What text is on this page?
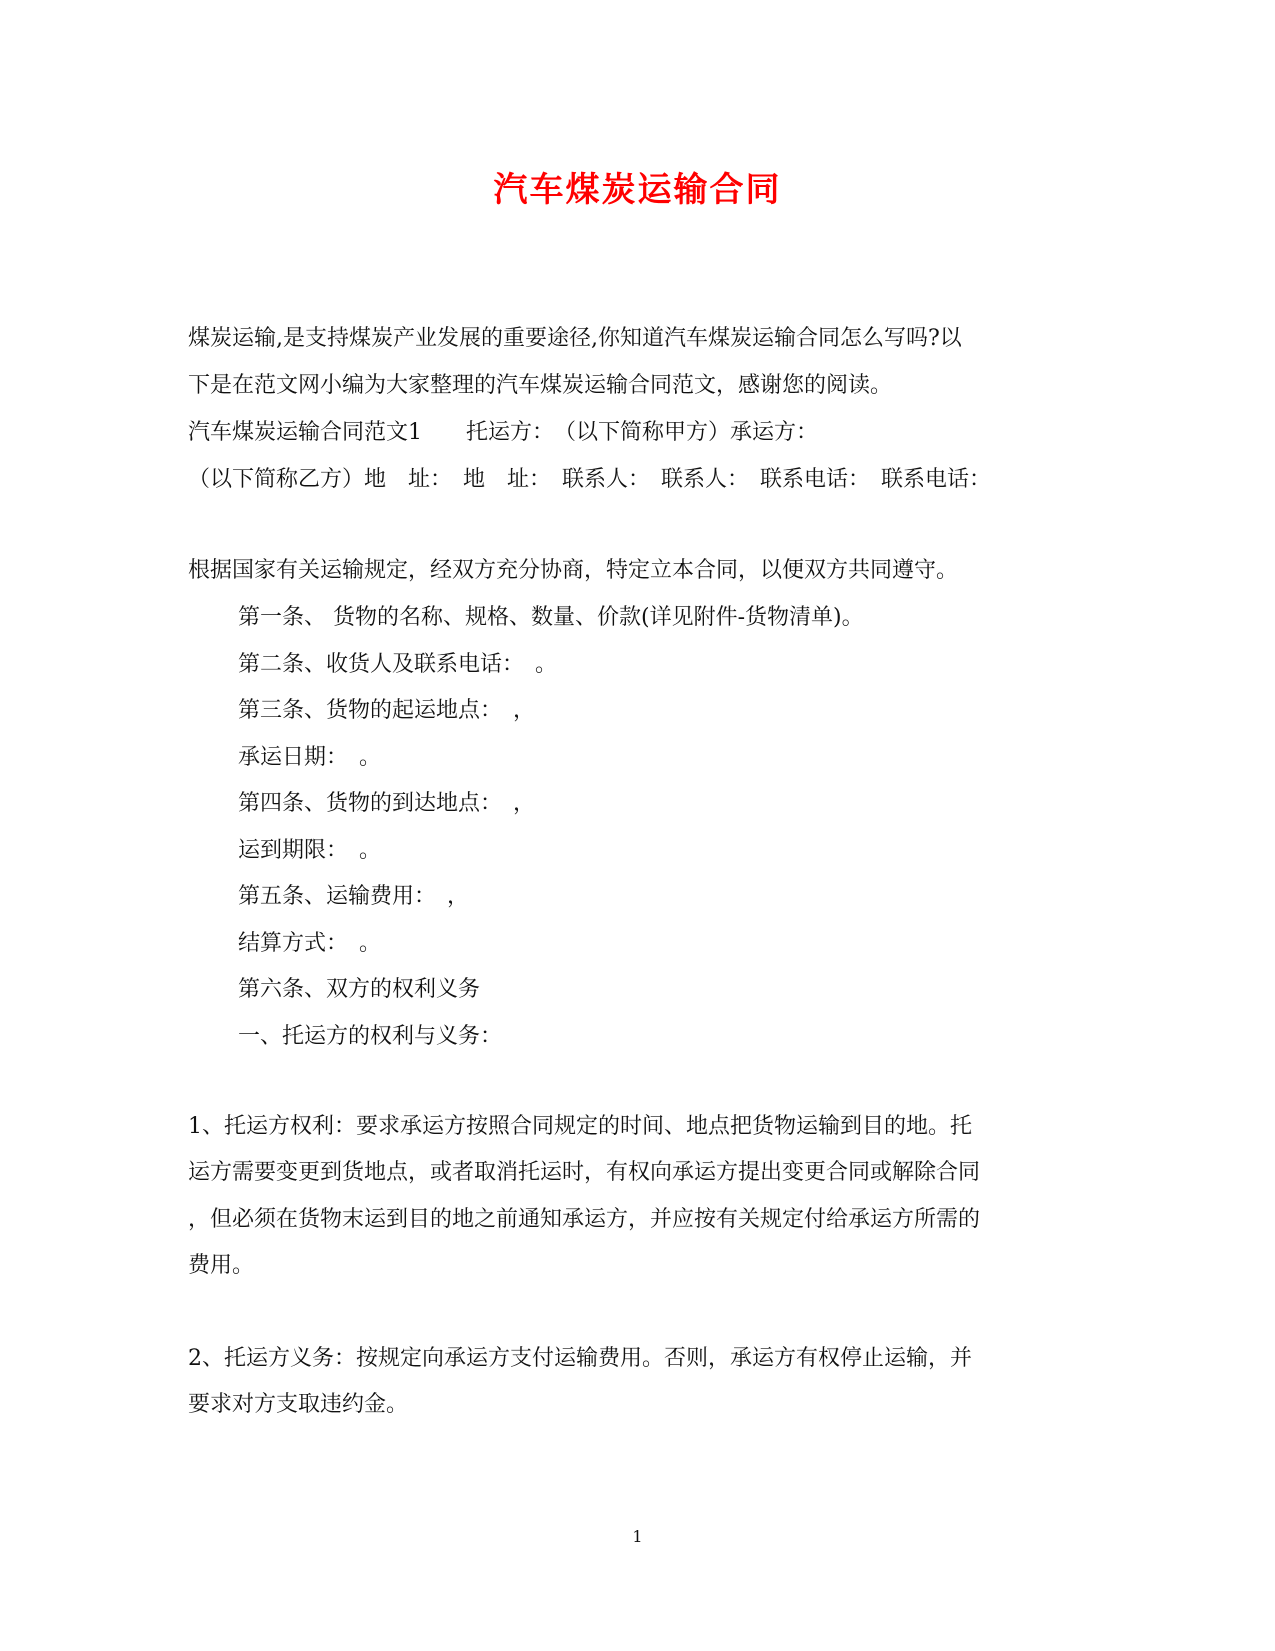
汽车煤炭运输合同
煤炭运输,是支持煤炭产业发展的重要途径,你知道汽车煤炭运输合同怎么写吗?以
下是在范文网小编为大家整理的汽车煤炭运输合同范文，感谢您的阅读。
汽车煤炭运输合同范文1　　托运方：　（以下简称甲方）承运方：
（以下简称乙方）地　址：　地　址：　联系人：　联系人：　联系电话：　联系电话：
根据国家有关运输规定，经双方充分协商，特定立本合同，以便双方共同遵守。
第一条、 货物的名称、规格、数量、价款(详见附件-货物清单)。
第二条、收货人及联系电话：　。
第三条、货物的起运地点：　，
承运日期：　。
第四条、货物的到达地点：　，
运到期限：　。
第五条、运输费用：　，
结算方式：　。
第六条、双方的权利义务
一、托运方的权利与义务：
1、托运方权利：要求承运方按照合同规定的时间、地点把货物运输到目的地。托
运方需要变更到货地点，或者取消托运时，有权向承运方提出变更合同或解除合同
，但必须在货物末运到目的地之前通知承运方，并应按有关规定付给承运方所需的
费用。
2、托运方义务：按规定向承运方支付运输费用。否则，承运方有权停止运输，并
要求对方支取违约金。
1
